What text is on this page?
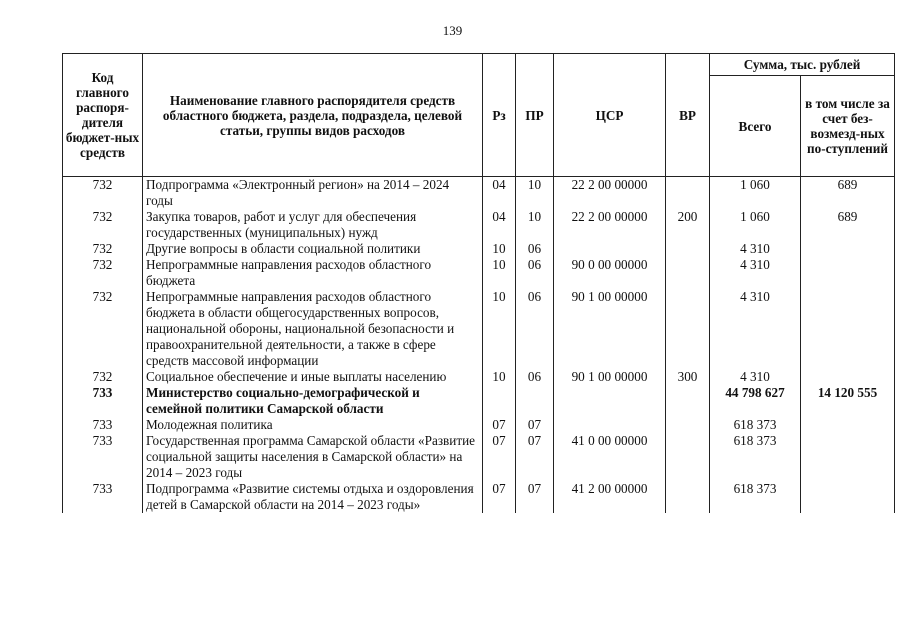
139
Код главного распоря-дителя бюджет-ных средств	Наименование главного распорядителя средств областного бюджета, раздела, подраздела, целевой статьи, группы видов расходов	Рз	ПР	ЦСР	ВР	Сумма, тыс. рублей	
						Всего	в том числе за счет без-возмезд-ных по-ступлений
732	Подпрограмма «Электронный регион» на 2014 – 2024 годы	04	10	22 2 00 00000		1 060	689
732	Закупка товаров, работ и услуг для обеспечения государственных (муниципальных) нужд	04	10	22 2 00 00000	200	1 060	689
732	Другие вопросы в области социальной политики	10	06			4 310	
732	Непрограммные направления расходов областного бюджета	10	06	90 0 00 00000		4 310	
732	Непрограммные направления расходов областного бюджета в области общегосударственных вопросов, национальной обороны, национальной безопасности и правоохранительной деятельности, а также в сфере средств массовой информации	10	06	90 1 00 00000		4 310	
732	Социальное обеспечение и иные выплаты населению	10	06	90 1 00 00000	300	4 310	
733	Министерство социально-демографической и семейной политики Самарской области					44 798 627	14 120 555
733	Молодежная политика	07	07			618 373	
733	Государственная программа Самарской области «Развитие социальной защиты населения в Самарской области» на 2014 – 2023 годы	07	07	41 0 00 00000		618 373	
733	Подпрограмма «Развитие системы отдыха и оздоровления детей в Самарской области на 2014 – 2023 годы»	07	07	41 2 00 00000		618 373	
